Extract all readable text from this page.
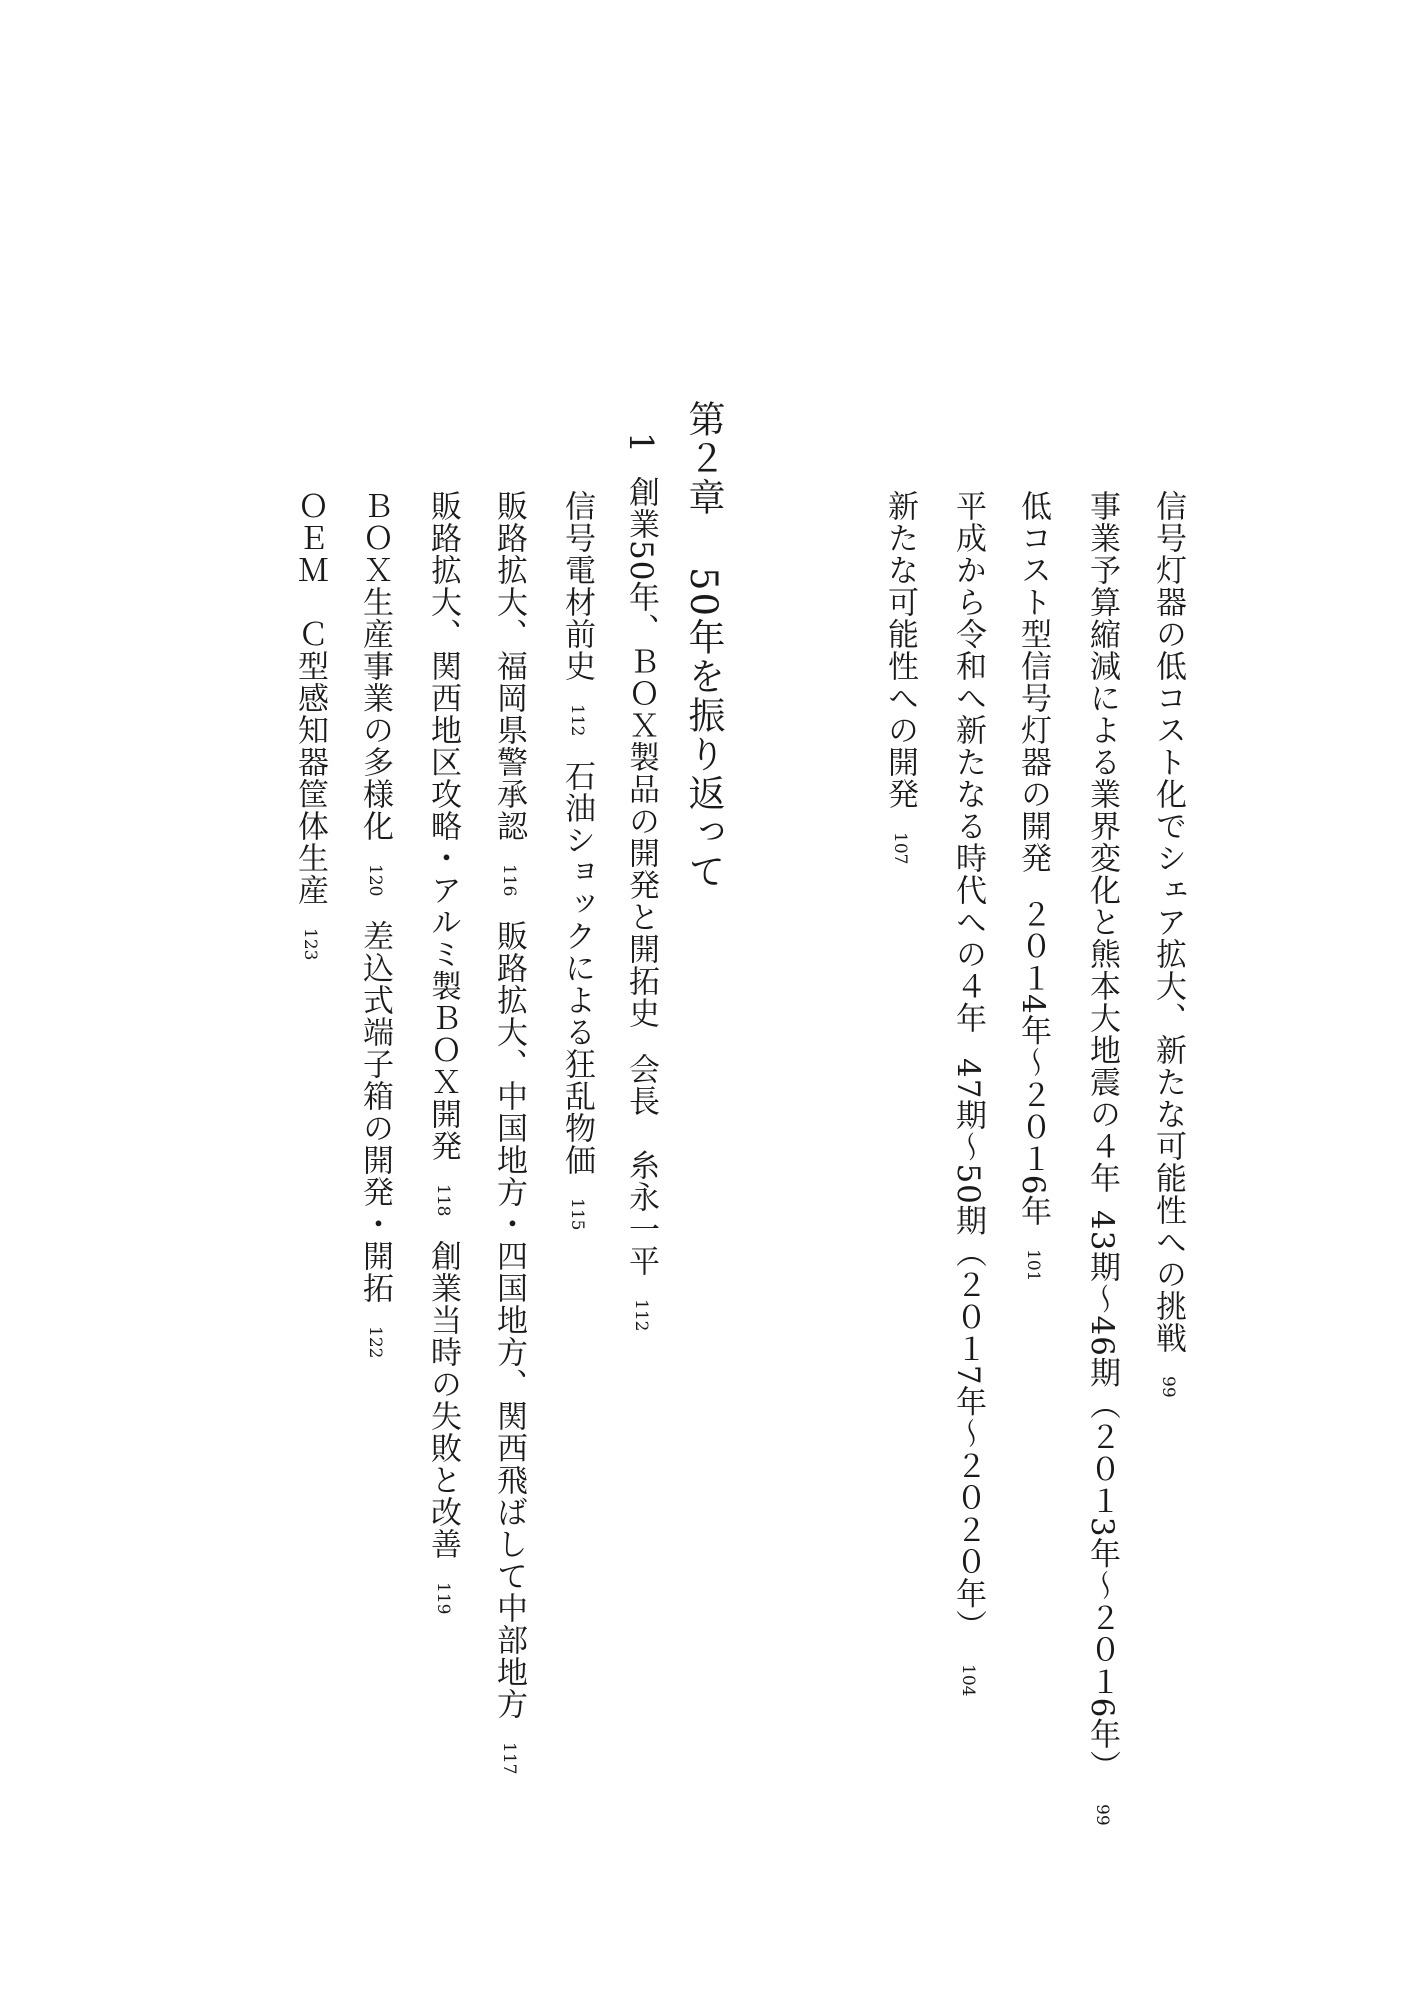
信号灯器の低コスト化でシェア拡大、新たな可能性への挑戦99
事業予算縮減による業界変化と熊本大地震の４年43期～46期（２０１3年～２０１6年）99
低コスト型信号灯器の開発２０１4年～２０１6年101
平成から令和へ新たなる時代への４年47期～50期（２０１7年～２０２０年）104
新たな可能性への開発107
第２章50年を振り返って
1創業50年、ＢＯＸ製品の開発と開拓史会長　糸永一平112
信号電材前史112石油ショックによる狂乱物価115
販路拡大、福岡県警承認116販路拡大、中国地方・四国地方、関西飛ばして中部地方117
販路拡大、関西地区攻略・アルミ製ＢＯＸ開発118創業当時の失敗と改善119
ＢＯＸ生産事業の多様化120差込式端子箱の開発・開拓122
ＯＥＭ　Ｃ型感知器筐体生産123
